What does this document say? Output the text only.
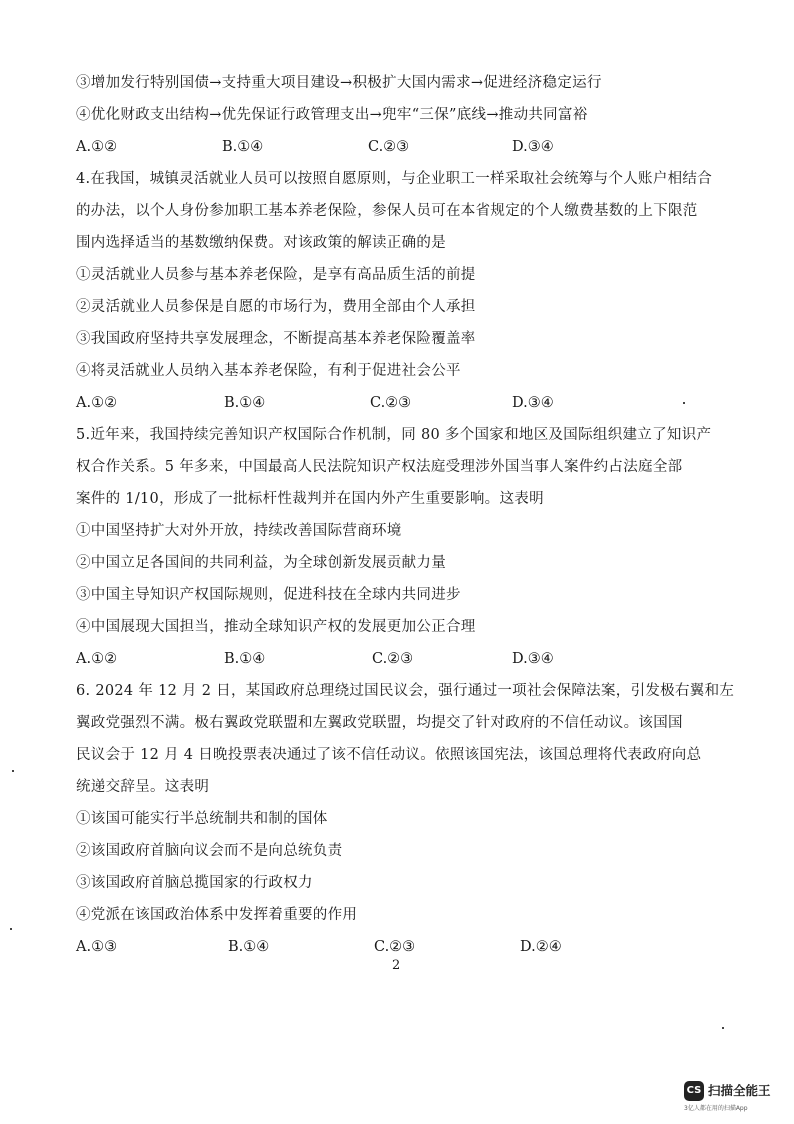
③增加发行特别国债→支持重大项目建设→积极扩大国内需求→促进经济稳定运行
④优化财政支出结构→优先保证行政管理支出→兜牢“三保”底线→推动共同富裕
A.①②	B.①④	C.②③	D.③④
4.在我国，城镇灵活就业人员可以按照自愿原则，与企业职工一样采取社会统筹与个人账户相结合
的办法，以个人身份参加职工基本养老保险，参保人员可在本省规定的个人缴费基数的上下限范
围内选择适当的基数缴纳保费。对该政策的解读正确的是
①灵活就业人员参与基本养老保险，是享有高品质生活的前提
②灵活就业人员参保是自愿的市场行为，费用全部由个人承担
③我国政府坚持共享发展理念，不断提高基本养老保险覆盖率
④将灵活就业人员纳入基本养老保险，有利于促进社会公平
A.①②	B.①④	C.②③	D.③④
5.近年来，我国持续完善知识产权国际合作机制，同 80 多个国家和地区及国际组织建立了知识产
权合作关系。5 年多来，中国最高人民法院知识产权法庭受理涉外国当事人案件约占法庭全部
案件的 1/10，形成了一批标杆性裁判并在国内外产生重要影响。这表明
①中国坚持扩大对外开放，持续改善国际营商环境
②中国立足各国间的共同利益，为全球创新发展贡献力量
③中国主导知识产权国际规则，促进科技在全球内共同进步
④中国展现大国担当，推动全球知识产权的发展更加公正合理
A.①②	B.①④	C.②③	D.③④
6. 2024 年 12 月 2 日，某国政府总理绕过国民议会，强行通过一项社会保障法案，引发极右翼和左
翼政党强烈不满。极右翼政党联盟和左翼政党联盟，均提交了针对政府的不信任动议。该国国
民议会于 12 月 4 日晚投票表决通过了该不信任动议。依照该国宪法，该国总理将代表政府向总
统递交辞呈。这表明
①该国可能实行半总统制共和制的国体
②该国政府首脑向议会而不是向总统负责
③该国政府首脑总揽国家的行政权力
④党派在该国政治体系中发挥着重要的作用
A.①③	B.①④	C.②③	D.②④
2
CS 扫描全能王
3亿人都在用的扫描App
